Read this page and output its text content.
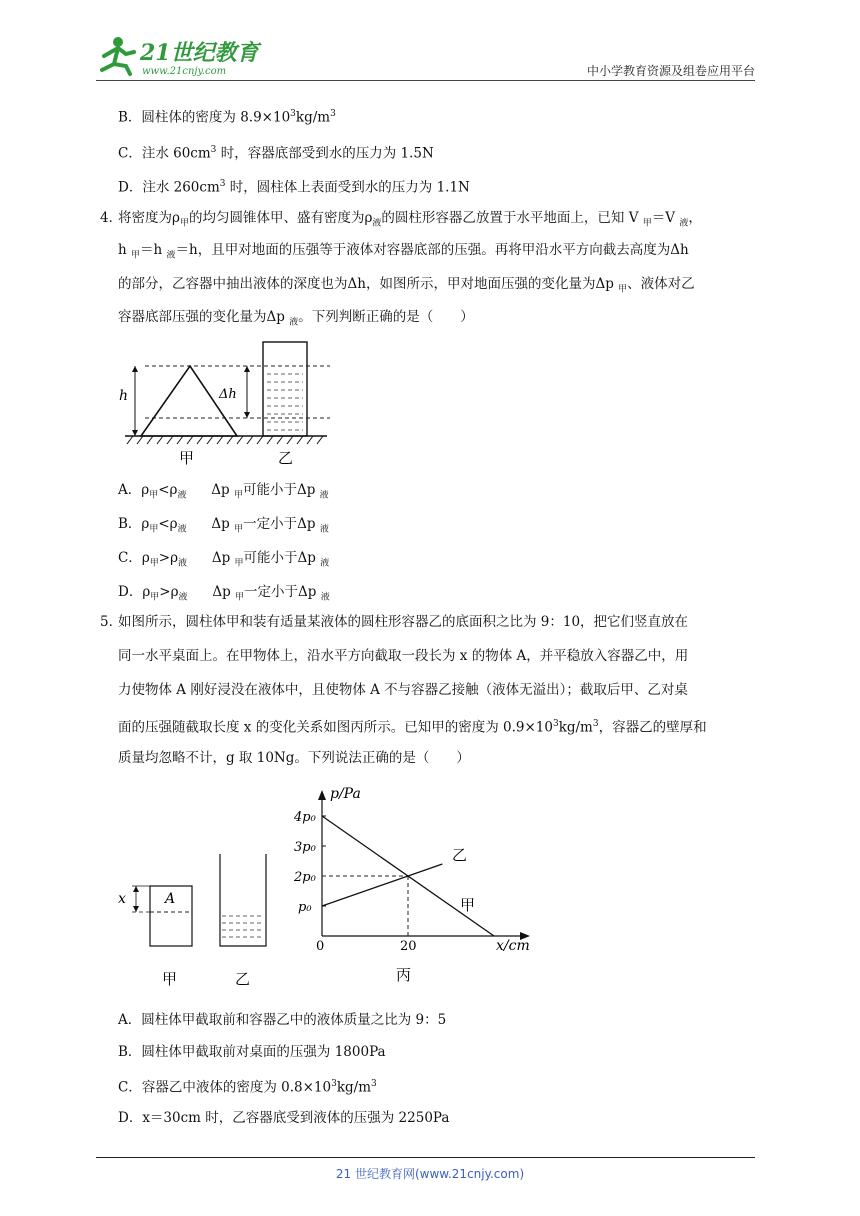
21世纪教育
www.21cnjy.com	中小学教育资源及组卷应用平台
B．圆柱体的密度为 $8.9\times 10^3kg/m^3$
C．注水 $60cm^3$ 时，容器底部受到水的压力为 1.5N
D．注水 $260cm^3$ 时，圆柱体上表面受到水的压力为 1.1N
4．
将密度为$\rho_甲$的均匀圆锥体甲、盛有密度为$\rho_液$的圆柱形容器乙放置于水平地面上，已知 V $_甲$＝V $_液$，
h $_甲$＝h $_液$＝h，且甲对地面的压强等于液体对容器底部的压强。再将甲沿水平方向截去高度为Δh
的部分，乙容器中抽出液体的深度也为Δh，如图所示，甲对地面压强的变化量为Δp $_甲$、液体对乙
容器底部压强的变化量为Δp $_液$。下列判断正确的是（　　）
h	Δh
甲	乙
A．$\rho_甲<\rho_液$ Δp $_甲$可能小于Δp $_液$
B．$\rho_甲<\rho_液$ Δp $_甲$一定小于Δp $_液$
C．$\rho_甲>\rho_液$ Δp $_甲$可能小于Δp $_液$
D．$\rho_甲>\rho_液$ Δp $_甲$一定小于Δp $_液$
5．
如图所示，圆柱体甲和装有适量某液体的圆柱形容器乙的底面积之比为 9：10，把它们竖直放在
同一水平桌面上。在甲物体上，沿水平方向截取一段长为 x 的物体 A，并平稳放入容器乙中，用
力使物体 A 刚好浸没在液体中，且使物体 A 不与容器乙接触（液体无溢出）；截取后甲、乙对桌
面的压强随截取长度 x 的变化关系如图丙所示。已知甲的密度为 $0.9\times 10^3kg/m^3$，容器乙的壁厚和
质量均忽略不计，g 取 10Ng。下列说法正确的是（　　）
x	A
甲	乙
p/Pa
x/cm
0	20
4p₀
3p₀
2p₀
p₀	甲
乙
丙
A．圆柱体甲截取前和容器乙中的液体质量之比为 9：5
B．圆柱体甲截取前对桌面的压强为 1800Pa
C．容器乙中液体的密度为 $0.8\times 10^3kg/m^3$
D．x＝30cm 时，乙容器底受到液体的压强为 2250Pa
21 世纪教育网(www.21cnjy.com)
